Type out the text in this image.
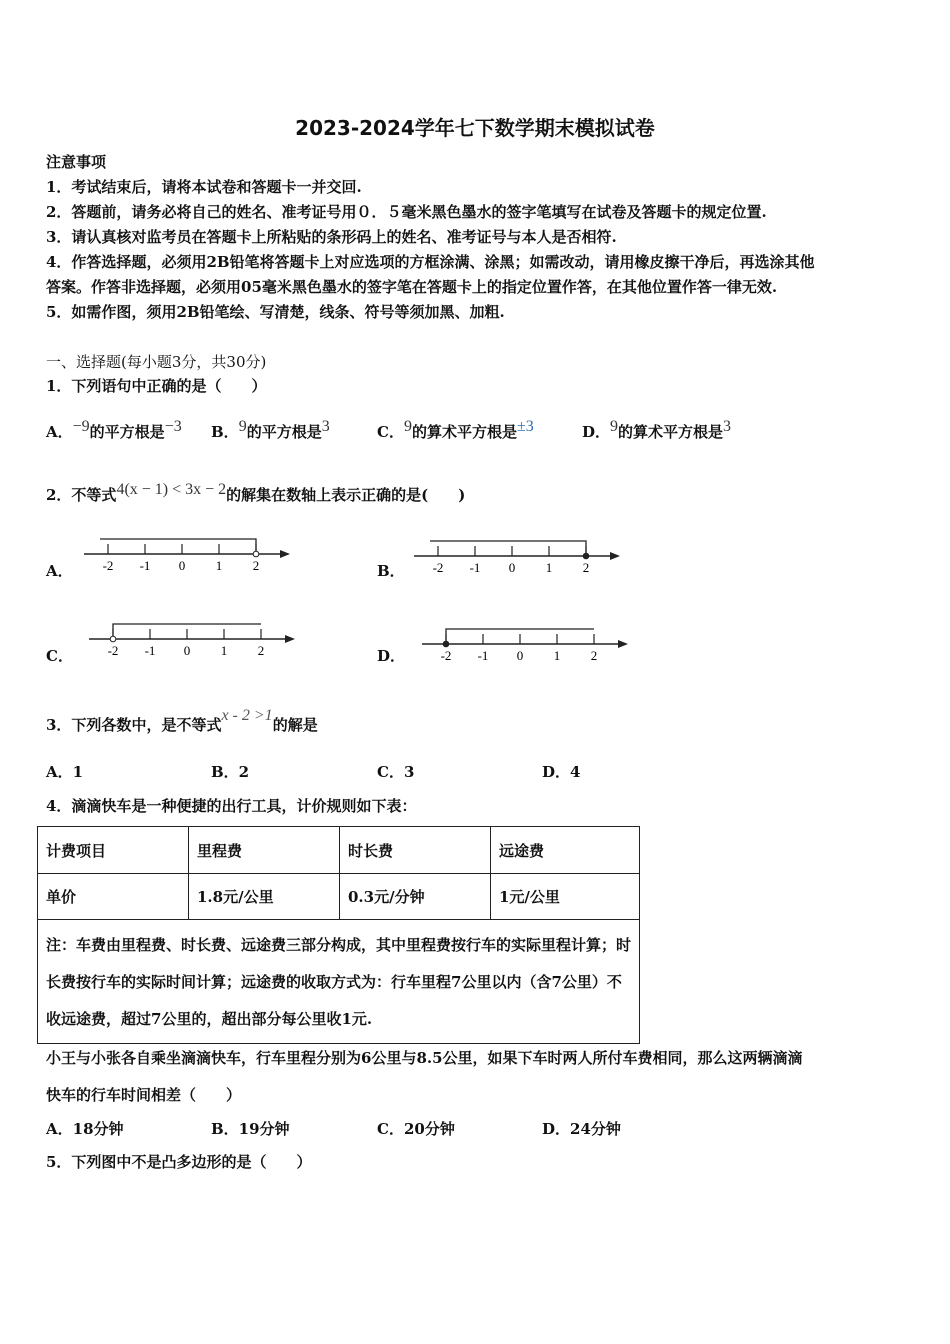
2023-2024学年七下数学期末模拟试卷
注意事项
1．考试结束后，请将本试卷和答题卡一并交回.
2．答题前，请务必将自己的姓名、准考证号用０．５毫米黑色墨水的签字笔填写在试卷及答题卡的规定位置.
3．请认真核对监考员在答题卡上所粘贴的条形码上的姓名、准考证号与本人是否相符.
4．作答选择题，必须用2B铅笔将答题卡上对应选项的方框涂满、涂黑；如需改动，请用橡皮擦干净后，再选涂其他
答案。作答非选择题，必须用05毫米黑色墨水的签字笔在答题卡上的指定位置作答，在其他位置作答一律无效.
5．如需作图，须用2B铅笔绘、写清楚，线条、符号等须加黑、加粗.
一、选择题(每小题3分，共30分)
1．下列语句中正确的是（　　）
A．−9的平方根是−3 B．9的平方根是3	C．9的算术平方根是±3	D．9的算术平方根是3
2．不等式4(x − 1) < 3x − 2的解集在数轴上表示正确的是(　　)
A． -2 -1 0 1 2	B． -2 -1 0 1 2
C．	-2 -1 0 1 2	D．	-2 -1 0 1 2
3．下列各数中，是不等式x - 2 >1的解是
A．1	B．2	C．3	D．4
4．滴滴快车是一种便捷的出行工具，计价规则如下表：
计费项目	里程费	时长费	远途费
单价	1.8元/公里	0.3元/分钟	1元/公里
注：车费由里程费、时长费、远途费三部分构成，其中里程费按行车的实际里程计算；时长费按行车的实际时间计算；远途费的收取方式为：行车里程7公里以内（含7公里）不收远途费，超过7公里的，超出部分每公里收1元.			
小王与小张各自乘坐滴滴快车，行车里程分别为6公里与8.5公里，如果下车时两人所付车费相同，那么这两辆滴滴
快车的行车时间相差（　　）
A．18分钟	B．19分钟	C．20分钟	D．24分钟
5．下列图中不是凸多边形的是（　　）
